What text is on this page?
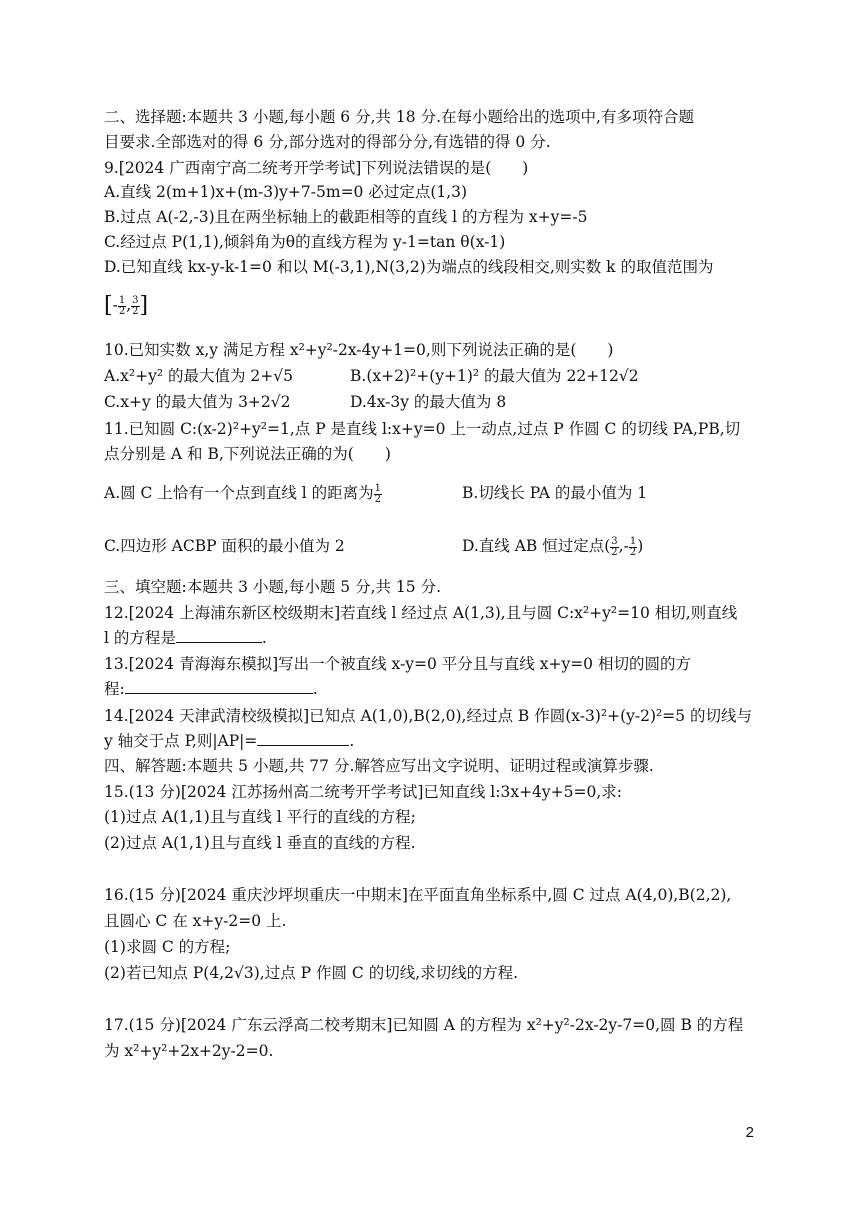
二、选择题:本题共 3 小题,每小题 6 分,共 18 分.在每小题给出的选项中,有多项符合题
目要求.全部选对的得 6 分,部分选对的得部分分,有选错的得 0 分.
9.[2024 广西南宁高二统考开学考试]下列说法错误的是(　　)
A.直线 2(m+1)x+(m-3)y+7-5m=0 必过定点(1,3)
B.过点 A(-2,-3)且在两坐标轴上的截距相等的直线 l 的方程为 x+y=-5
C.经过点 P(1,1),倾斜角为θ的直线方程为 y-1=tan θ(x-1)
D.已知直线 kx-y-k-1=0 和以 M(-3,1),N(3,2)为端点的线段相交,则实数 k 的取值范围为
[- $\frac{1}{2}$ , $\frac{3}{2}$ ]
10.已知实数 x,y 满足方程 x²+y²-2x-4y+1=0,则下列说法正确的是(　　)
A.x²+y² 的最大值为 2+√5	B.(x+2)²+(y+1)² 的最大值为 22+12√2
C.x+y 的最大值为 3+2√2	D.4x-3y 的最大值为 8
11.已知圆 C:(x-2)²+y²=1,点 P 是直线 l:x+y=0 上一动点,过点 P 作圆 C 的切线 PA,PB,切
点分别是 A 和 B,下列说法正确的为(　　)
A.圆 C 上恰有一个点到直线 l 的距离为 $\frac{1}{2}$	B.切线长 PA 的最小值为 1
C.四边形 ACBP 面积的最小值为 2	D.直线 AB 恒过定点( $\frac{3}{2}$ ,- $\frac{1}{2}$ )
三、填空题:本题共 3 小题,每小题 5 分,共 15 分.
12.[2024 上海浦东新区校级期末]若直线 l 经过点 A(1,3),且与圆 C:x²+y²=10 相切,则直线
l 的方程是	.
13.[2024 青海海东模拟]写出一个被直线 x-y=0 平分且与直线 x+y=0 相切的圆的方
程:	.
14.[2024 天津武清校级模拟]已知点 A(1,0),B(2,0),经过点 B 作圆(x-3)²+(y-2)²=5 的切线与
y 轴交于点 P,则|AP|=	.
四、解答题:本题共 5 小题,共 77 分.解答应写出文字说明、证明过程或演算步骤.
15.(13 分)[2024 江苏扬州高二统考开学考试]已知直线 l:3x+4y+5=0,求:
(1)过点 A(1,1)且与直线 l 平行的直线的方程;
(2)过点 A(1,1)且与直线 l 垂直的直线的方程.
16.(15 分)[2024 重庆沙坪坝重庆一中期末]在平面直角坐标系中,圆 C 过点 A(4,0),B(2,2),
且圆心 C 在 x+y-2=0 上.
(1)求圆 C 的方程;
(2)若已知点 P(4,2√3),过点 P 作圆 C 的切线,求切线的方程.
17.(15 分)[2024 广东云浮高二校考期末]已知圆 A 的方程为 x²+y²-2x-2y-7=0,圆 B 的方程
为 x²+y²+2x+2y-2=0.
2
